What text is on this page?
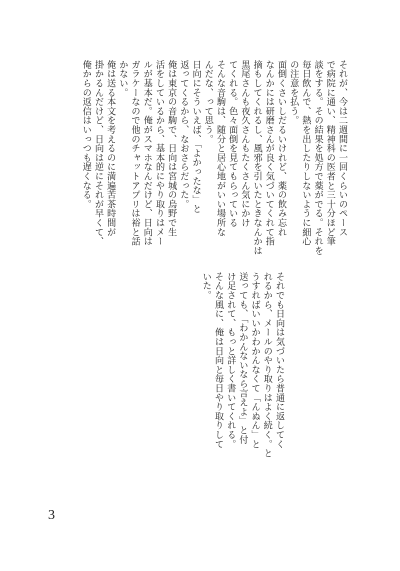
それが、今は二週間に一回くらいのペース
で病院に通い、精神科の医者と三十分ほど筆
談をする。その結果を処方で薬がでる。それを
毎日飲んで、熱を出したりしないように細心
の注意を払う。
面倒くさいしだるいけれど、薬の飲み忘れ
なんかには研磨さんが良く気づいてくれて指
摘もしてくれるし、風邪を引いたときなんかは
黒尾さんも夜久さんもたくさん気にかけ
てくれる。色々面倒を見てもらっている
そんな音駒は、随分と居心地がいい場所な
んだな、って思う。
日向にそういえば、「よかったな」と
返ってくるから、なおさらだった。
俺は東京の音駒で、日向は宮城の烏野で生
活をしているから、基本的にやり取りはメー
ルが基本だ。俺がスマホなんだけど、日向は
ガラケーなので他のチャットアプリは裕と話
かない。
俺は送る本文を考えるのに満遍苦茶時間が
掛かるんだけど、日向は逆にそれが早くて、
俺からの返信はいっつも遅くなる。
それでも日向は気づいたら普通に返してく
れるから、メールのやり取りはよく続く。と
うすればいいかわかんなくて「んぬん」と
送っても、「わかんないなら言えよ」と付
け足されて、もっと詳しく書いてくれる。
そんな風に、俺は日向と毎日やり取りして
いた。
3
